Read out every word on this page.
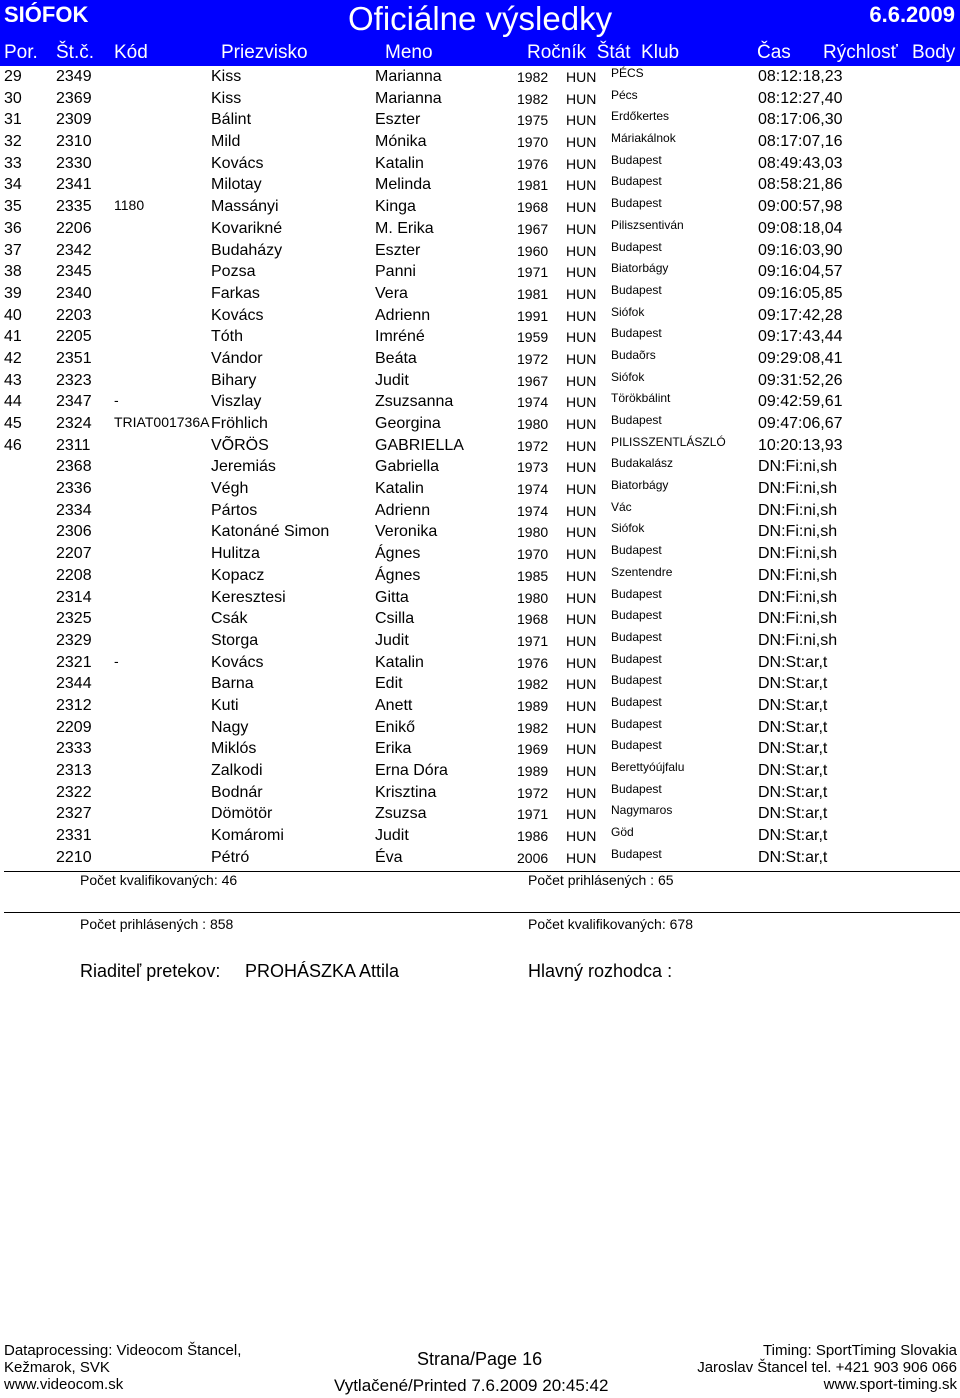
SIÓFOK	Oficiálne výsledky	6.6.2009
Por. Št.č. Kód	Priezvisko	Meno	Ročník  Štát  Klub	Čas Rýchlosť Body
29 2349	Kiss	Marianna	1982 HUN PÉCS	08:12:18,23
30 2369	Kiss	Marianna	1982 HUN Pécs	08:12:27,40
31 2309	Bálint	Eszter	1975 HUN Erdőkertes	08:17:06,30
32 2310	Mild	Mónika	1970 HUN Máriakálnok	08:17:07,16
33 2330	Kovács	Katalin	1976 HUN Budapest	08:49:43,03
34 2341	Milotay	Melinda	1981 HUN Budapest	08:58:21,86
35 2335 1180	Massányi	Kinga	1968 HUN Budapest	09:00:57,98
36 2206	Kovarikné	M. Erika	1967 HUN Piliszsentiván	09:08:18,04
37 2342	Budaházy	Eszter	1960 HUN Budapest	09:16:03,90
38 2345	Pozsa	Panni	1971 HUN Biatorbágy	09:16:04,57
39 2340	Farkas	Vera	1981 HUN Budapest	09:16:05,85
40 2203	Kovács	Adrienn	1991 HUN Siófok	09:17:42,28
41 2205	Tóth	Imréné	1959 HUN Budapest	09:17:43,44
42 2351	Vándor	Beáta	1972 HUN Budaõrs	09:29:08,41
43 2323	Bihary	Judit	1967 HUN Siófok	09:31:52,26
44 2347 -	Viszlay	Zsuzsanna	1974 HUN Törökbálint	09:42:59,61
45 2324 TRIAT001736A Fröhlich	Georgina	1980 HUN Budapest	09:47:06,67
46 2311	VÕRÖS	GABRIELLA	1972 HUN PILISSZENTLÁSZLÓ 10:20:13,93
2368	Jeremiás	Gabriella	1973 HUN Budakalász	DN:Fi:ni,sh
2336	Végh	Katalin	1974 HUN Biatorbágy	DN:Fi:ni,sh
2334	Pártos	Adrienn	1974 HUN Vác	DN:Fi:ni,sh
2306	Katonáné Simon	Veronika	1980 HUN Siófok	DN:Fi:ni,sh
2207	Hulitza	Ágnes	1970 HUN Budapest	DN:Fi:ni,sh
2208	Kopacz	Ágnes	1985 HUN Szentendre	DN:Fi:ni,sh
2314	Keresztesi	Gitta	1980 HUN Budapest	DN:Fi:ni,sh
2325	Csák	Csilla	1968 HUN Budapest	DN:Fi:ni,sh
2329	Storga	Judit	1971 HUN Budapest	DN:Fi:ni,sh
2321 -	Kovács	Katalin	1976 HUN Budapest	DN:St:ar,t
2344	Barna	Edit	1982 HUN Budapest	DN:St:ar,t
2312	Kuti	Anett	1989 HUN Budapest	DN:St:ar,t
2209	Nagy	Enikő	1982 HUN Budapest	DN:St:ar,t
2333	Miklós	Erika	1969 HUN Budapest	DN:St:ar,t
2313	Zalkodi	Erna Dóra	1989 HUN Berettyóújfalu	DN:St:ar,t
2322	Bodnár	Krisztina	1972 HUN Budapest	DN:St:ar,t
2327	Dömötör	Zsuzsa	1971 HUN Nagymaros	DN:St:ar,t
2331	Komáromi	Judit	1986 HUN Göd	DN:St:ar,t
2210	Pétró	Éva	2006 HUN Budapest	DN:St:ar,t
Počet kvalifikovaných: 46	Počet prihlásených : 65
Počet prihlásených : 858	Počet kvalifikovaných: 678
Riaditeľ pretekov: PROHÁSZKA Attila	Hlavný rozhodca :
Dataprocessing: Videocom Štancel,
Kežmarok, SVK
www.videocom.sk
Strana/Page 16
Vytlačené/Printed 7.6.2009 20:45:42
Timing: SportTiming Slovakia
Jaroslav Štancel tel. +421 903 906 066
www.sport-timing.sk
